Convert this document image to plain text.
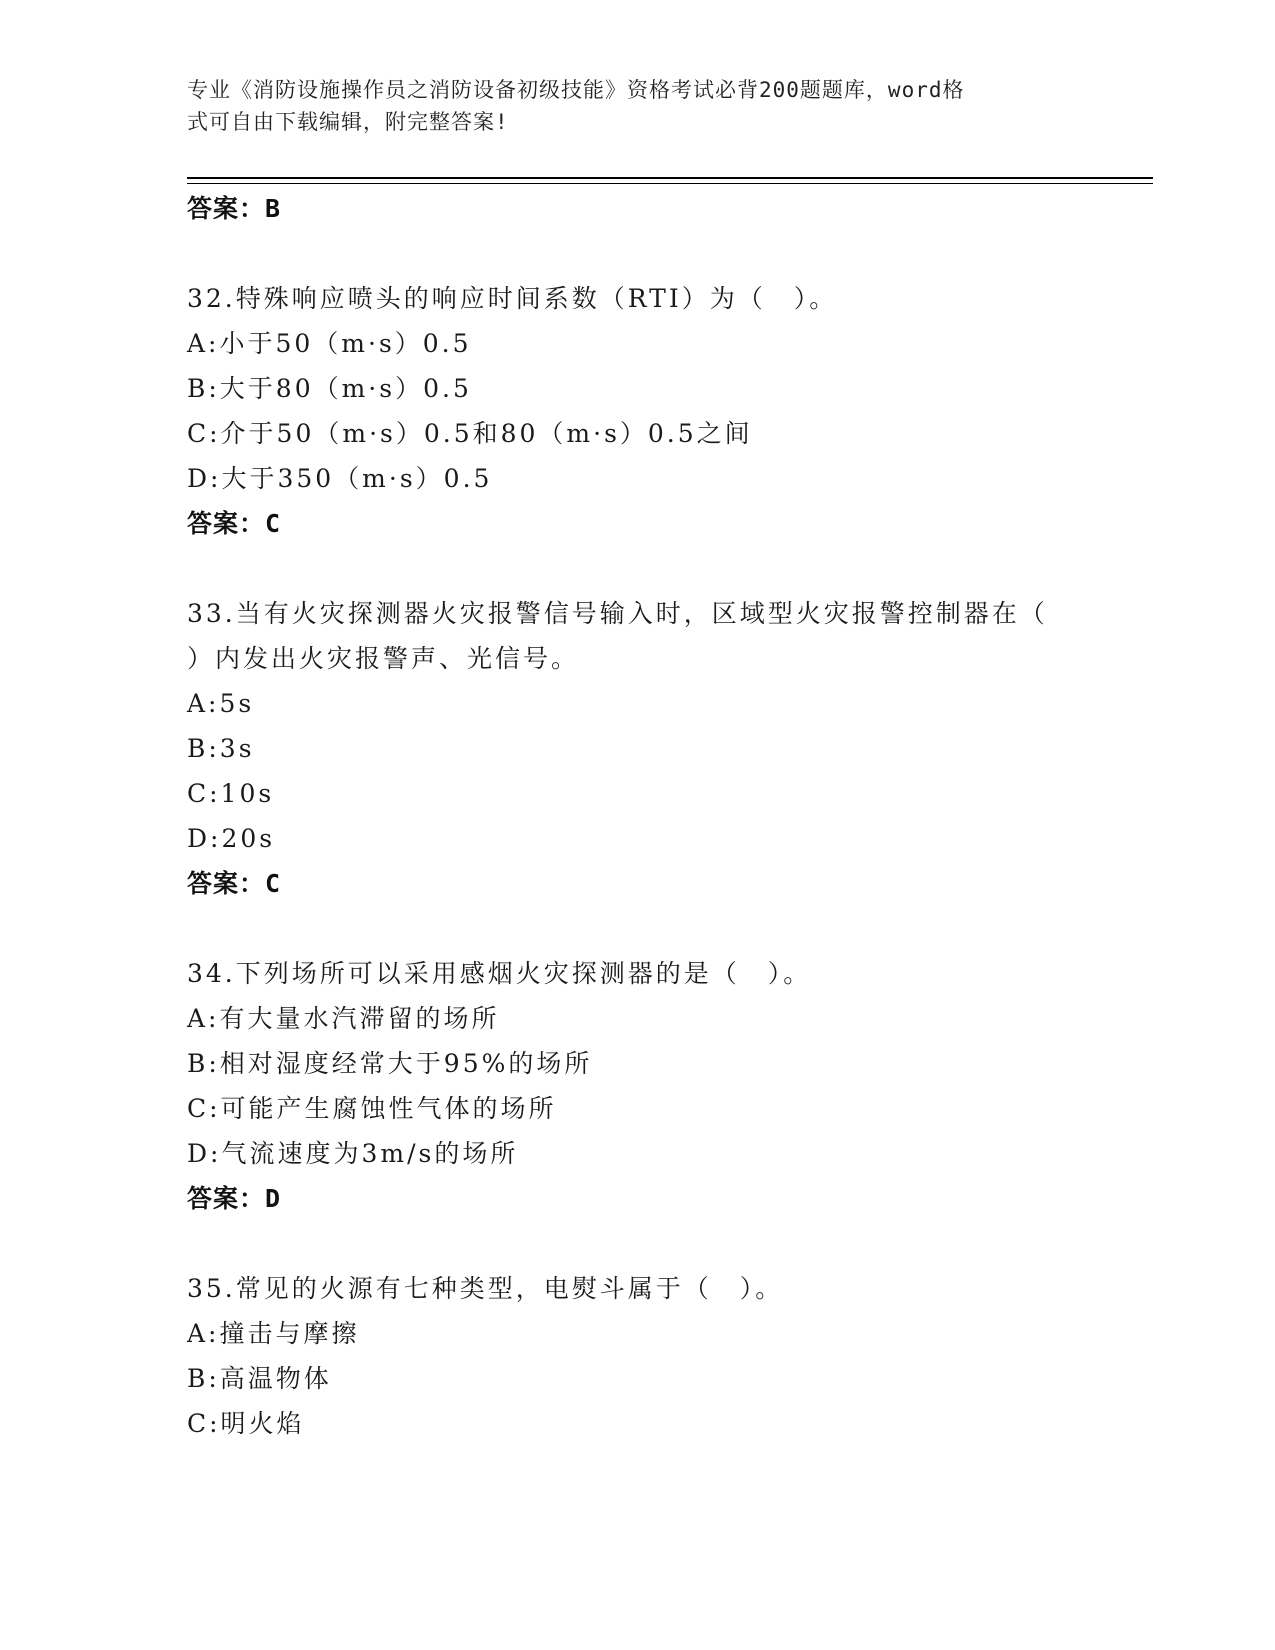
专业《消防设施操作员之消防设备初级技能》资格考试必背200题题库，word格
式可自由下载编辑，附完整答案!
答案：B
32.特殊响应喷头的响应时间系数（RTI）为（　）。
A:小于50（m·s）0.5
B:大于80（m·s）0.5
C:介于50（m·s）0.5和80（m·s）0.5之间
D:大于350（m·s）0.5
答案：C
33.当有火灾探测器火灾报警信号输入时，区域型火灾报警控制器在（
）内发出火灾报警声、光信号。
A:5s
B:3s
C:10s
D:20s
答案：C
34.下列场所可以采用感烟火灾探测器的是（　）。
A:有大量水汽滞留的场所
B:相对湿度经常大于95%的场所
C:可能产生腐蚀性气体的场所
D:气流速度为3m/s的场所
答案：D
35.常见的火源有七种类型，电熨斗属于（　）。
A:撞击与摩擦
B:高温物体
C:明火焰
